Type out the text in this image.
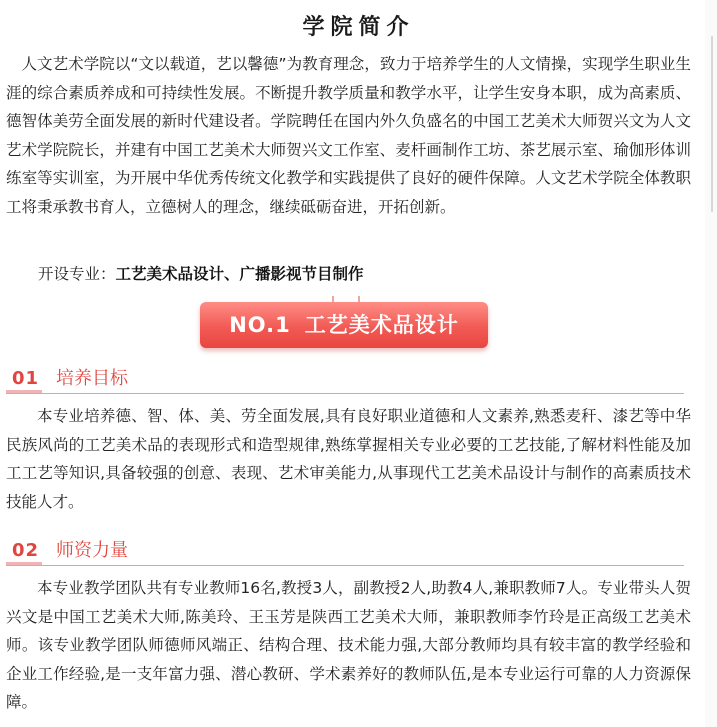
学院简介

人文艺术学院以“文以载道，艺以馨德”为教育理念，致力于培养学生的人文情操，实现学生职业生涯的综合素质养成和可持续性发展。不断提升教学质量和教学水平，让学生安身本职，成为高素质、德智体美劳全面发展的新时代建设者。学院聘任在国内外久负盛名的中国工艺美术大师贺兴文为人文艺术学院院长，并建有中国工艺美术大师贺兴文工作室、麦杆画制作工坊、茶艺展示室、瑜伽形体训练室等实训室，为开展中华优秀传统文化教学和实践提供了良好的硬件保障。人文艺术学院全体教职工将秉承教书育人，立德树人的理念，继续砥砺奋进，开拓创新。

开设专业：工艺美术品设计、广播影视节目制作
NO.1 工艺美术品设计
01 培养目标

本专业培养德、智、体、美、劳全面发展,具有良好职业道德和人文素养,熟悉麦秆、漆艺等中华民族风尚的工艺美术品的表现形式和造型规律,熟练掌握相关专业必要的工艺技能,了解材料性能及加工工艺等知识,具备较强的创意、表现、艺术审美能力,从事现代工艺美术品设计与制作的高素质技术技能人才。

02 师资力量

本专业教学团队共有专业教师16名,教授3人，副教授2人,助教4人,兼职教师7人。专业带头人贺兴文是中国工艺美术大师,陈美玲、王玉芳是陕西工艺美术大师，兼职教师李竹玲是正高级工艺美术师。该专业教学团队师德师风端正、结构合理、技术能力强,大部分教师均具有较丰富的教学经验和企业工作经验,是一支年富力强、潜心教研、学术素养好的教师队伍,是本专业运行可靠的人力资源保障。
